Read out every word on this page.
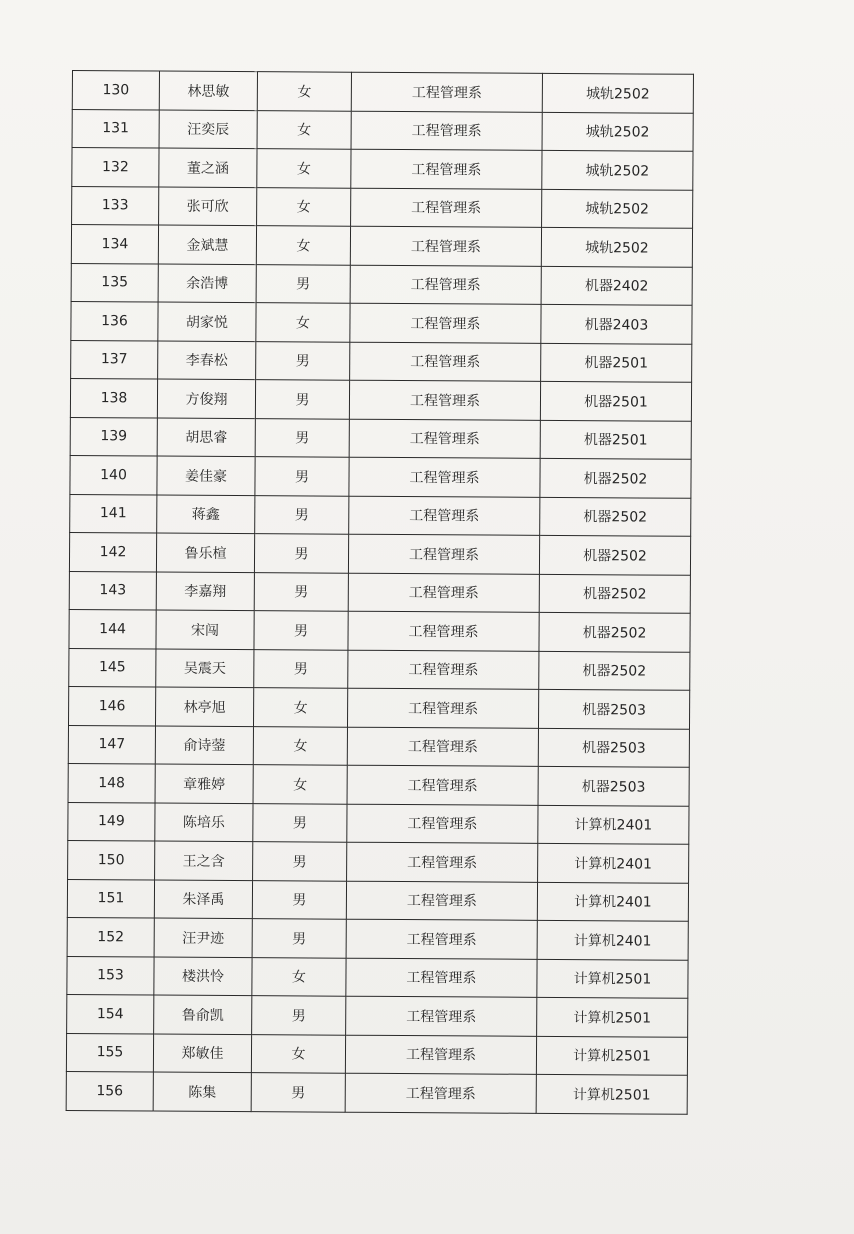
130	林思敏	女	工程管理系	城轨2502
131	汪奕辰	女	工程管理系	城轨2502
132	董之涵	女	工程管理系	城轨2502
133	张可欣	女	工程管理系	城轨2502
134	金斌慧	女	工程管理系	城轨2502
135	余浩博	男	工程管理系	机器2402
136	胡家悦	女	工程管理系	机器2403
137	李春松	男	工程管理系	机器2501
138	方俊翔	男	工程管理系	机器2501
139	胡思睿	男	工程管理系	机器2501
140	姜佳豪	男	工程管理系	机器2502
141	蒋鑫	男	工程管理系	机器2502
142	鲁乐楦	男	工程管理系	机器2502
143	李嘉翔	男	工程管理系	机器2502
144	宋闯	男	工程管理系	机器2502
145	吴震天	男	工程管理系	机器2502
146	林亭旭	女	工程管理系	机器2503
147	俞诗蓥	女	工程管理系	机器2503
148	章雅婷	女	工程管理系	机器2503
149	陈培乐	男	工程管理系	计算机2401
150	王之含	男	工程管理系	计算机2401
151	朱泽禹	男	工程管理系	计算机2401
152	汪尹迹	男	工程管理系	计算机2401
153	楼洪怜	女	工程管理系	计算机2501
154	鲁俞凯	男	工程管理系	计算机2501
155	郑敏佳	女	工程管理系	计算机2501
156	陈集	男	工程管理系	计算机2501
